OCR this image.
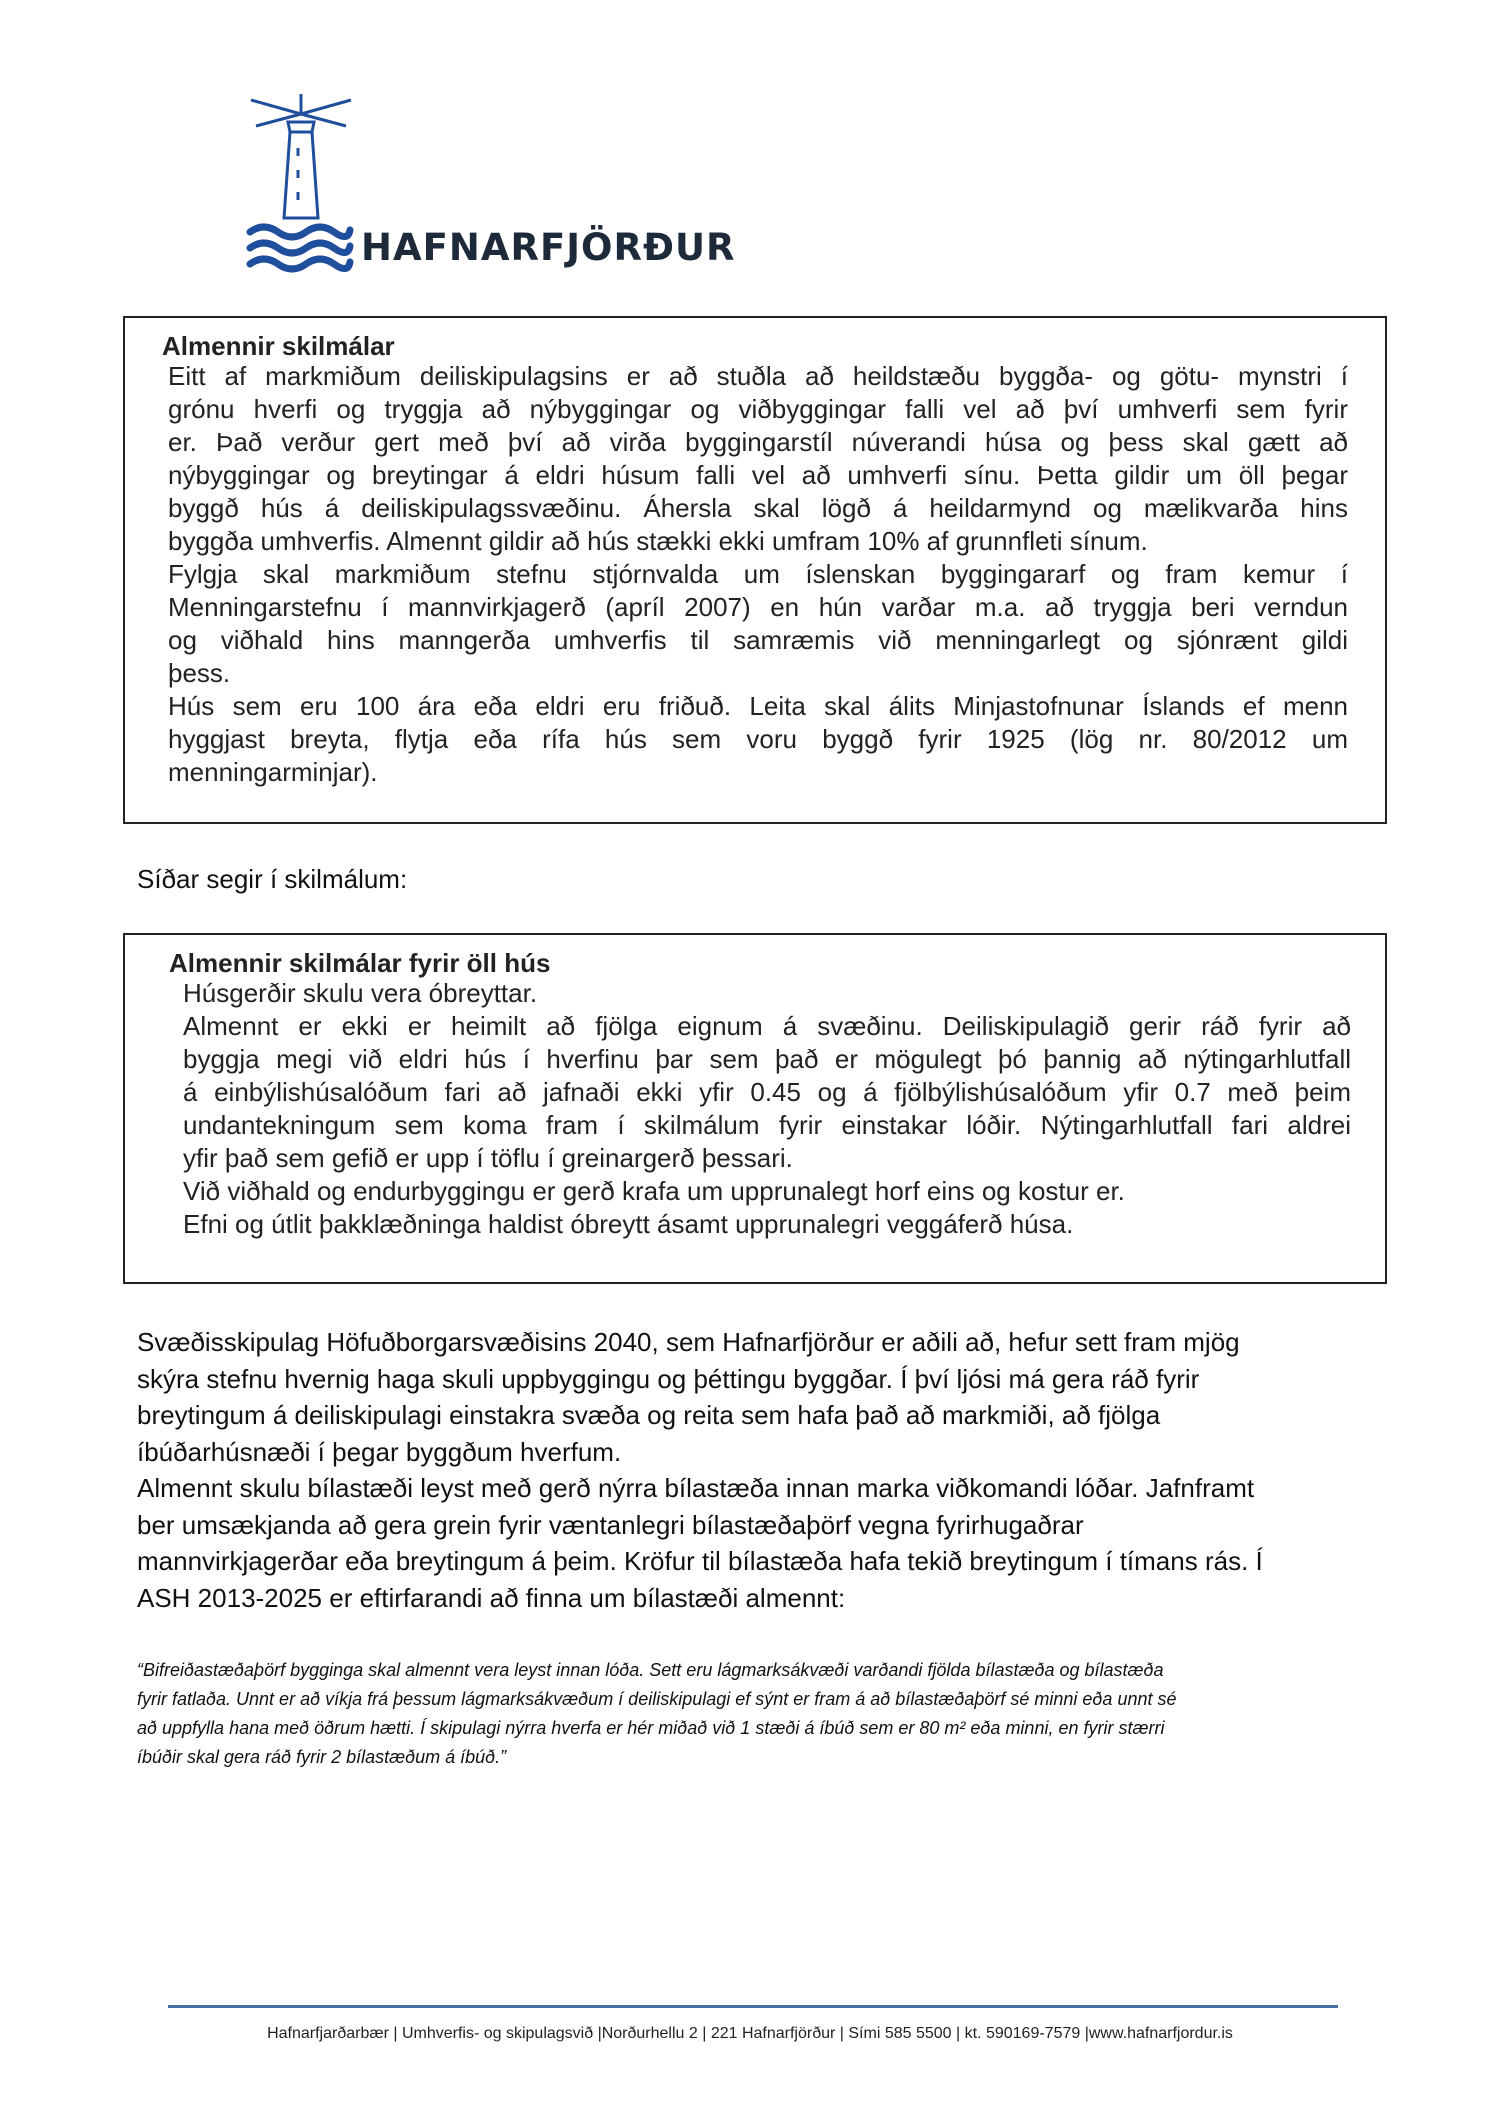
HAFNARFJÖRÐUR
Almennir skilmálar
Eitt af markmiðum deiliskipulagsins er að stuðla að heildstæðu byggða- og götu- mynstri í
grónu hverfi og tryggja að nýbyggingar og viðbyggingar falli vel að því umhverfi sem fyrir
er. Það verður gert með því að virða byggingarstíl núverandi húsa og þess skal gætt að
nýbyggingar og breytingar á eldri húsum falli vel að umhverfi sínu. Þetta gildir um öll þegar
byggð hús á deiliskipulagssvæðinu. Áhersla skal lögð á heildarmynd og mælikvarða hins
byggða umhverfis. Almennt gildir að hús stækki ekki umfram 10% af grunnfleti sínum.
Fylgja skal markmiðum stefnu stjórnvalda um íslenskan byggingararf og fram kemur í
Menningarstefnu í mannvirkjagerð (apríl 2007) en hún varðar m.a. að tryggja beri verndun
og viðhald hins manngerða umhverfis til samræmis við menningarlegt og sjónrænt gildi
þess.
Hús sem eru 100 ára eða eldri eru friðuð. Leita skal álits Minjastofnunar Íslands ef menn
hyggjast breyta, flytja eða rífa hús sem voru byggð fyrir 1925 (lög nr. 80/2012 um
menningarminjar).
Síðar segir í skilmálum:
Almennir skilmálar fyrir öll hús
Húsgerðir skulu vera óbreyttar.
Almennt er ekki er heimilt að fjölga eignum á svæðinu. Deiliskipulagið gerir ráð fyrir að
byggja megi við eldri hús í hverfinu þar sem það er mögulegt þó þannig að nýtingarhlutfall
á einbýlishúsalóðum fari að jafnaði ekki yfir 0.45 og á fjölbýlishúsalóðum yfir 0.7 með þeim
undantekningum sem koma fram í skilmálum fyrir einstakar lóðir. Nýtingarhlutfall fari aldrei
yfir það sem gefið er upp í töflu í greinargerð þessari.
Við viðhald og endurbyggingu er gerð krafa um upprunalegt horf eins og kostur er.
Efni og útlit þakklæðninga haldist óbreytt ásamt upprunalegri veggáferð húsa.
Svæðisskipulag Höfuðborgarsvæðisins 2040, sem Hafnarfjörður er aðili að, hefur sett fram mjög
skýra stefnu hvernig haga skuli uppbyggingu og þéttingu byggðar. Í því ljósi má gera ráð fyrir
breytingum á deiliskipulagi einstakra svæða og reita sem hafa það að markmiði, að fjölga
íbúðarhúsnæði í þegar byggðum hverfum.
Almennt skulu bílastæði leyst með gerð nýrra bílastæða innan marka viðkomandi lóðar. Jafnframt
ber umsækjanda að gera grein fyrir væntanlegri bílastæðaþörf vegna fyrirhugaðrar
mannvirkjagerðar eða breytingum á þeim. Kröfur til bílastæða hafa tekið breytingum í tímans rás. Í
ASH 2013-2025 er eftirfarandi að finna um bílastæði almennt:
“Bifreiðastæðaþörf bygginga skal almennt vera leyst innan lóða. Sett eru lágmarksákvæði varðandi fjölda bílastæða og bílastæða
fyrir fatlaða. Unnt er að víkja frá þessum lágmarksákvæðum í deiliskipulagi ef sýnt er fram á að bílastæðaþörf sé minni eða unnt sé
að uppfylla hana með öðrum hætti. Í skipulagi nýrra hverfa er hér miðað við 1 stæði á íbúð sem er 80 m² eða minni, en fyrir stærri
íbúðir skal gera ráð fyrir 2 bílastæðum á íbúð.”
Hafnarfjarðarbær | Umhverfis- og skipulagsvið |Norðurhellu 2 | 221 Hafnarfjörður | Sími 585 5500 | kt. 590169-7579 |www.hafnarfjordur.is
